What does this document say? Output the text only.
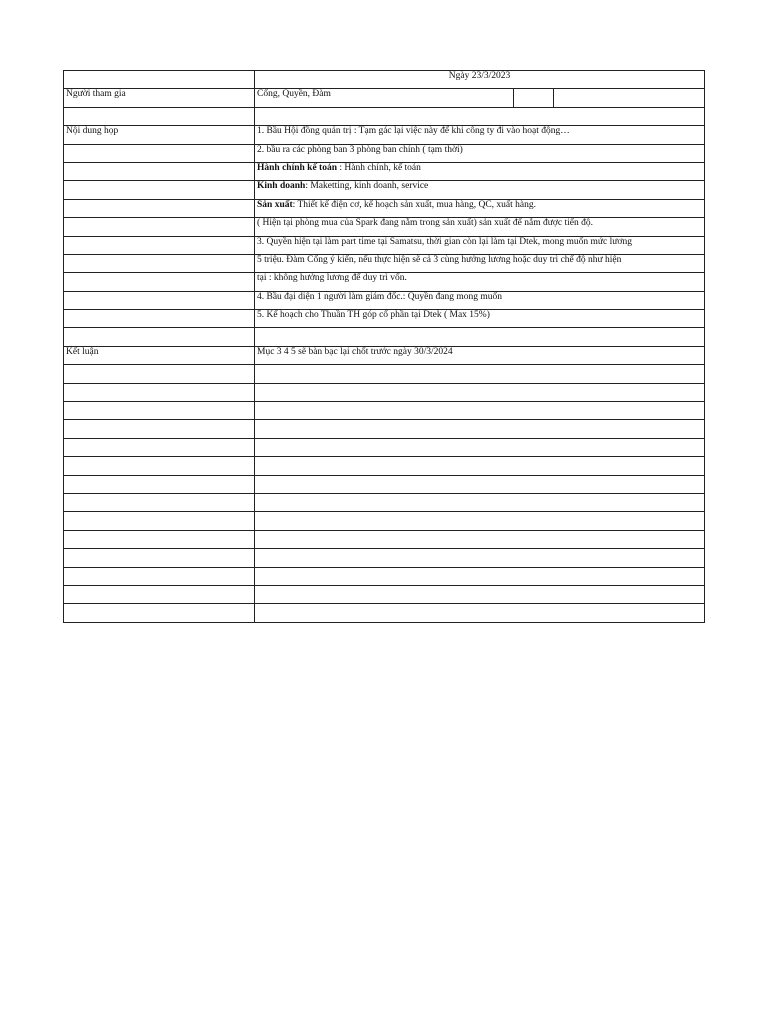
	Ngày 23/3/2023		
Người tham gia	Cống, Quyền, Đàm		

Nội dung họp	1. Bầu Hội đồng quản trị : Tạm gác lại việc này để khi công ty đi vào hoạt động…		
	2. bầu ra các phòng ban 3 phòng ban chính ( tạm thời)		
	Hành chính kế toán : Hành chính, kế toán		
	Kinh doanh: Maketting, kinh doanh, service		
	Sản xuất: Thiết kế điện cơ, kế hoạch sản xuất, mua hàng, QC, xuất hàng.		
	( Hiện tại phòng mua của Spark đang nằm trong sản xuất) sản xuất để nắm được tiến độ.		
	3. Quyền hiện tại làm part time tại Samatsu, thời gian còn lại làm tại Dtek, mong muốn mức lương		
	5 triệu. Đàm Cống ý kiến, nếu thực hiện sẽ cả 3 cùng hưởng lương hoặc duy trì chế độ như hiện		
	tại : không hưởng lương để duy trì vốn.		
	4. Bầu đại diện 1 người làm giám đốc.: Quyền đang mong muốn		
	5. Kế hoạch cho Thuần TH góp cổ phần tại Dtek ( Max 15%)		

Kết luận	Mục 3 4 5 sẽ bàn bạc lại chốt trước ngày 30/3/2024		
